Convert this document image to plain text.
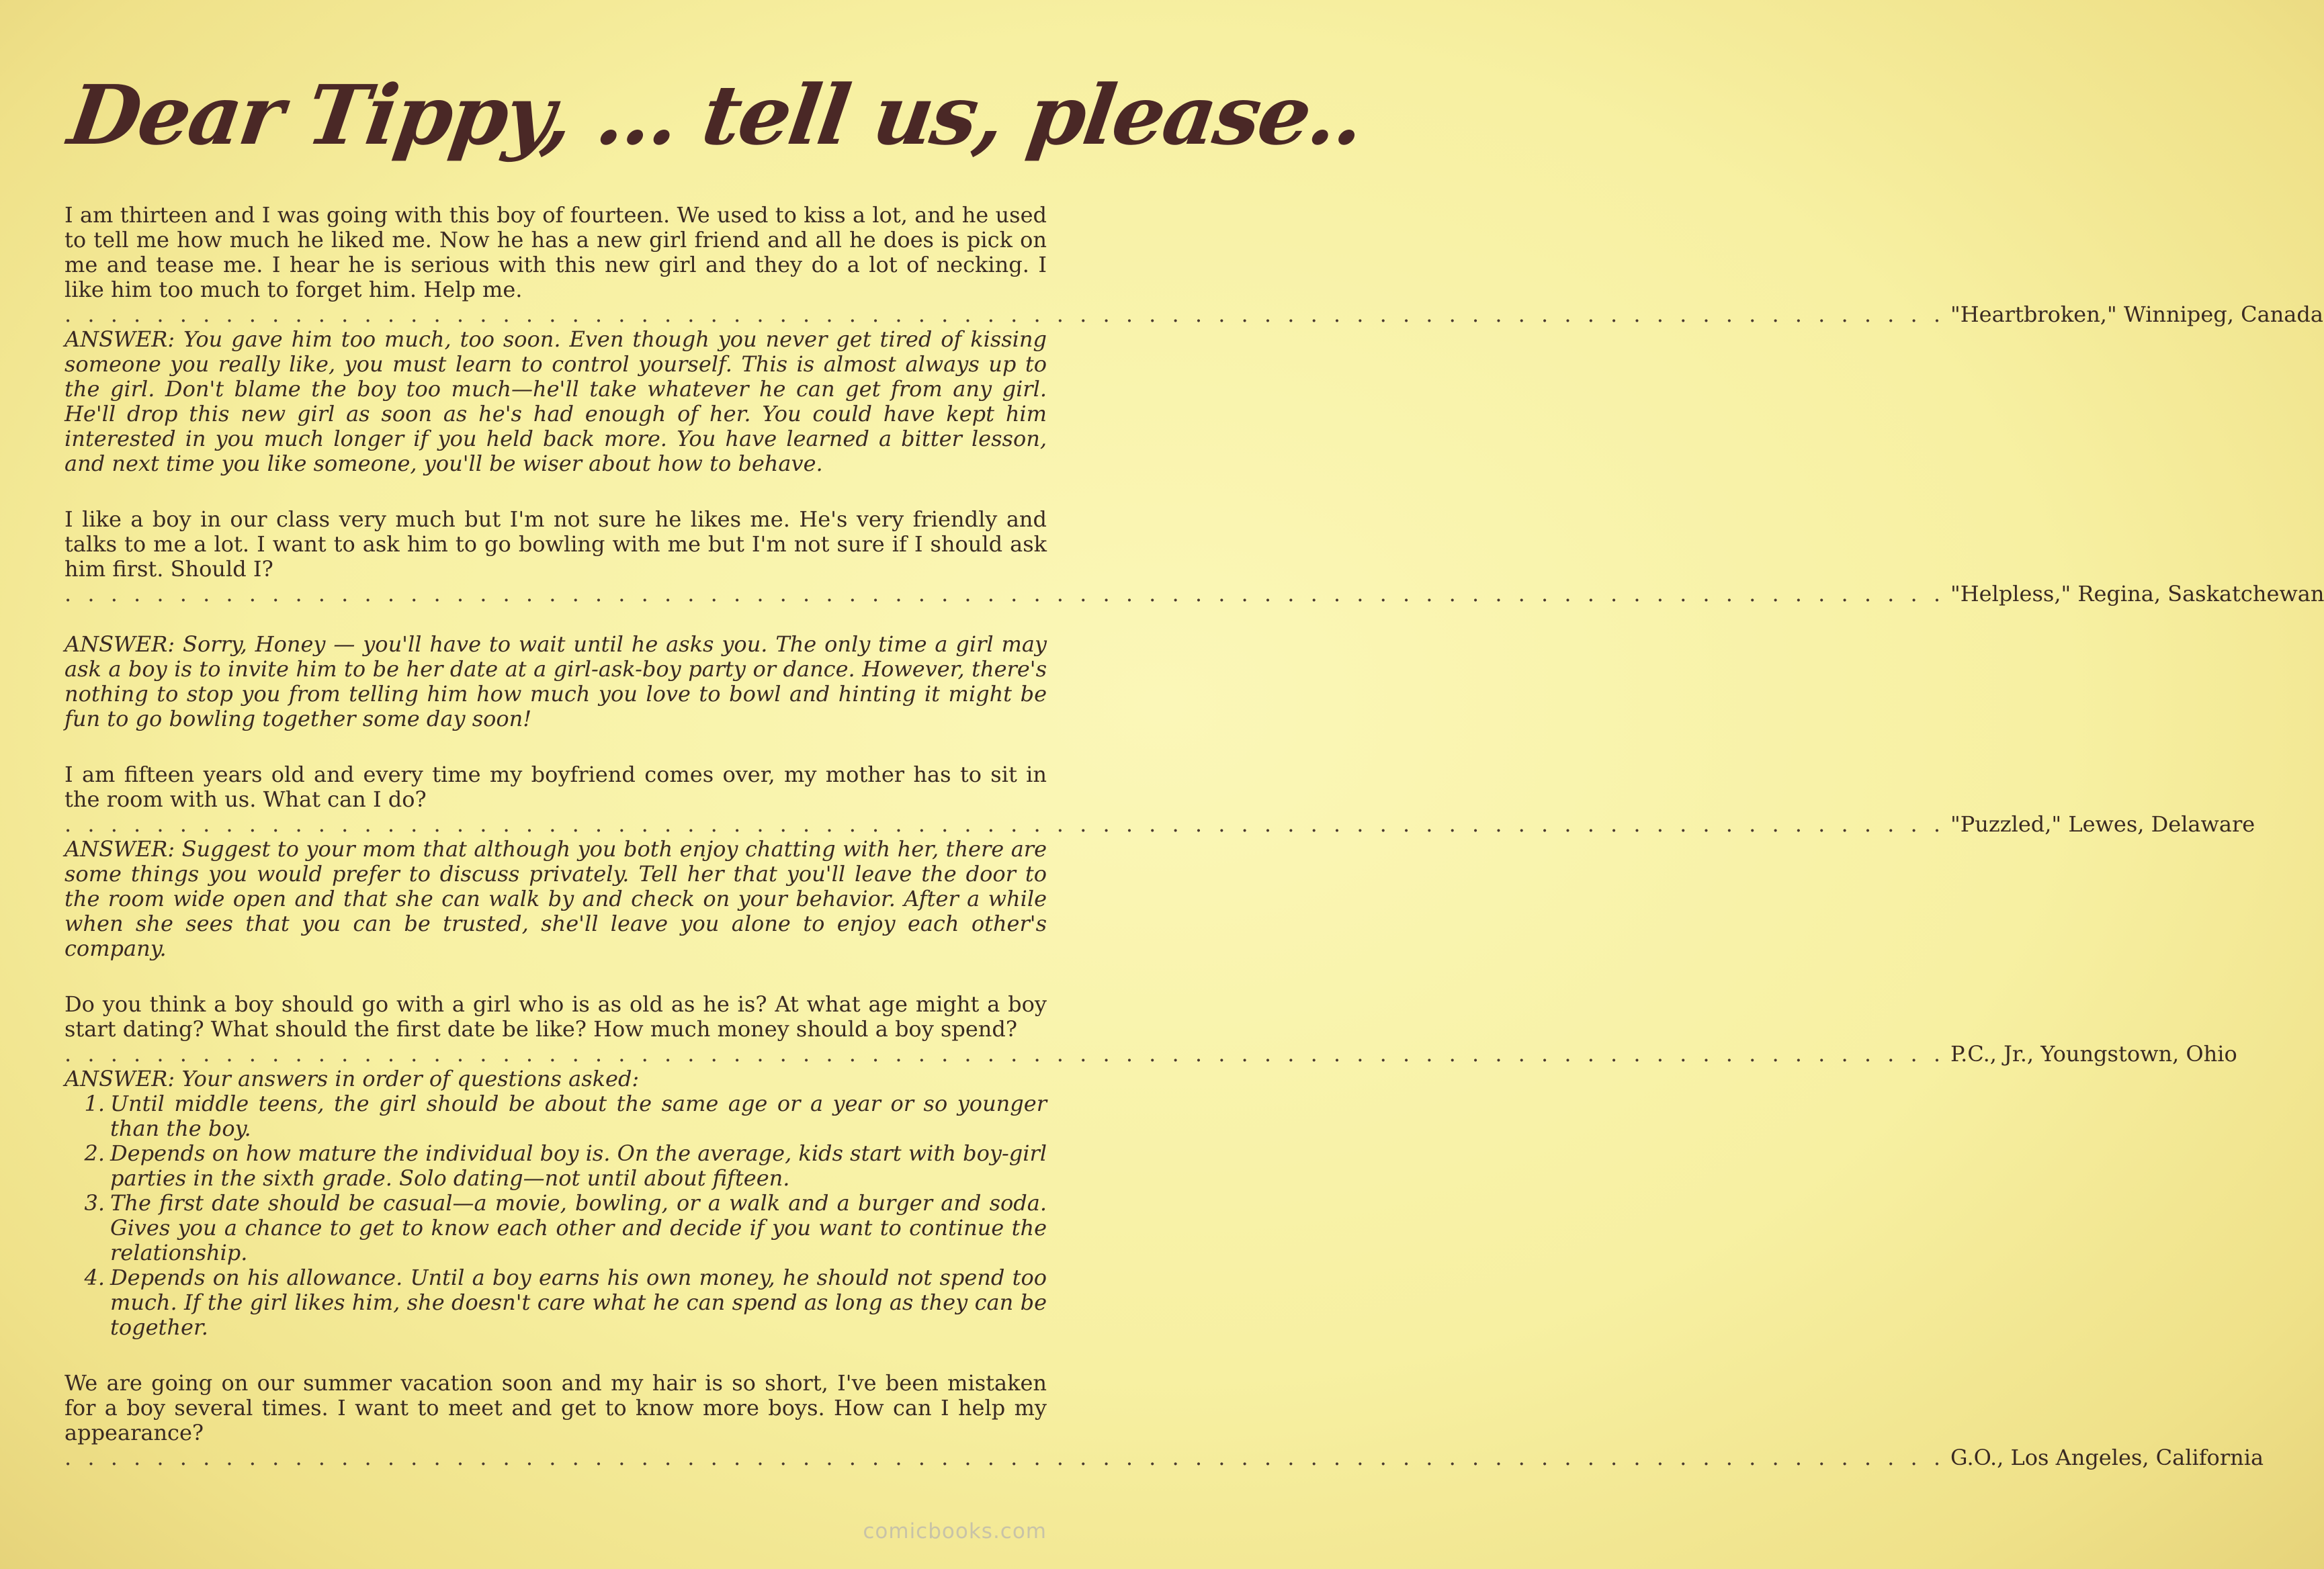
Dear Tippy, ... tell us, please..

I am thirteen and I was going with this boy of fourteen. We used to kiss a lot, and he used to tell me how much he liked me. Now he has a new girl friend and all he does is pick on me and tease me. I hear he is serious with this new girl and they do a lot of necking. I like him too much to forget him. Help me.

. . .
"Heartbroken," Winnipeg, Canada

ANSWER: You gave him too much, too soon. Even though you never get tired of kissing someone you really like, you must learn to control yourself. This is almost always up to the girl. Don't blame the boy too much—he'll take whatever he can get from any girl. He'll drop this new girl as soon as he's had enough of her. You could have kept him interested in you much longer if you held back more. You have learned a bitter lesson, and next time you like someone, you'll be wiser about how to behave.

I like a boy in our class very much but I'm not sure he likes me. He's very friendly and talks to me a lot. I want to ask him to go bowling with me but I'm not sure if I should ask him first. Should I?

. . .
"Helpless," Regina, Saskatchewan

ANSWER: Sorry, Honey — you'll have to wait until he asks you. The only time a girl may ask a boy is to invite him to be her date at a girl-ask-boy party or dance. However, there's nothing to stop you from telling him how much you love to bowl and hinting it might be fun to go bowling together some day soon!

I am fifteen years old and every time my boyfriend comes over, my mother has to sit in the room with us. What can I do?

. . .
"Puzzled," Lewes, Delaware

ANSWER: Suggest to your mom that although you both enjoy chatting with her, there are some things you would prefer to discuss privately. Tell her that you'll leave the door to the room wide open and that she can walk by and check on your behavior. After a while when she sees that you can be trusted, she'll leave you alone to enjoy each other's company.

Do you think a boy should go with a girl who is as old as he is? At what age might a boy start dating? What should the first date be like? How much money should a boy spend?

. . .
P.C., Jr., Youngstown, Ohio

ANSWER: Your answers in order of questions asked:

1. Until middle teens, the girl should be about the same age or a year or so younger than the boy.
2. Depends on how mature the individual boy is. On the average, kids start with boy-girl parties in the sixth grade. Solo dating—not until about fifteen.
3. The first date should be casual—a movie, bowling, or a walk and a burger and soda. Gives you a chance to get to know each other and decide if you want to continue the relationship.
4. Depends on his allowance. Until a boy earns his own money, he should not spend too much. If the girl likes him, she doesn't care what he can spend as long as they can be together.

We are going on our summer vacation soon and my hair is so short, I've been mistaken for a boy several times. I want to meet and get to know more boys. How can I help my appearance?

. . .
G.O., Los Angeles, California
comicbooks.com
